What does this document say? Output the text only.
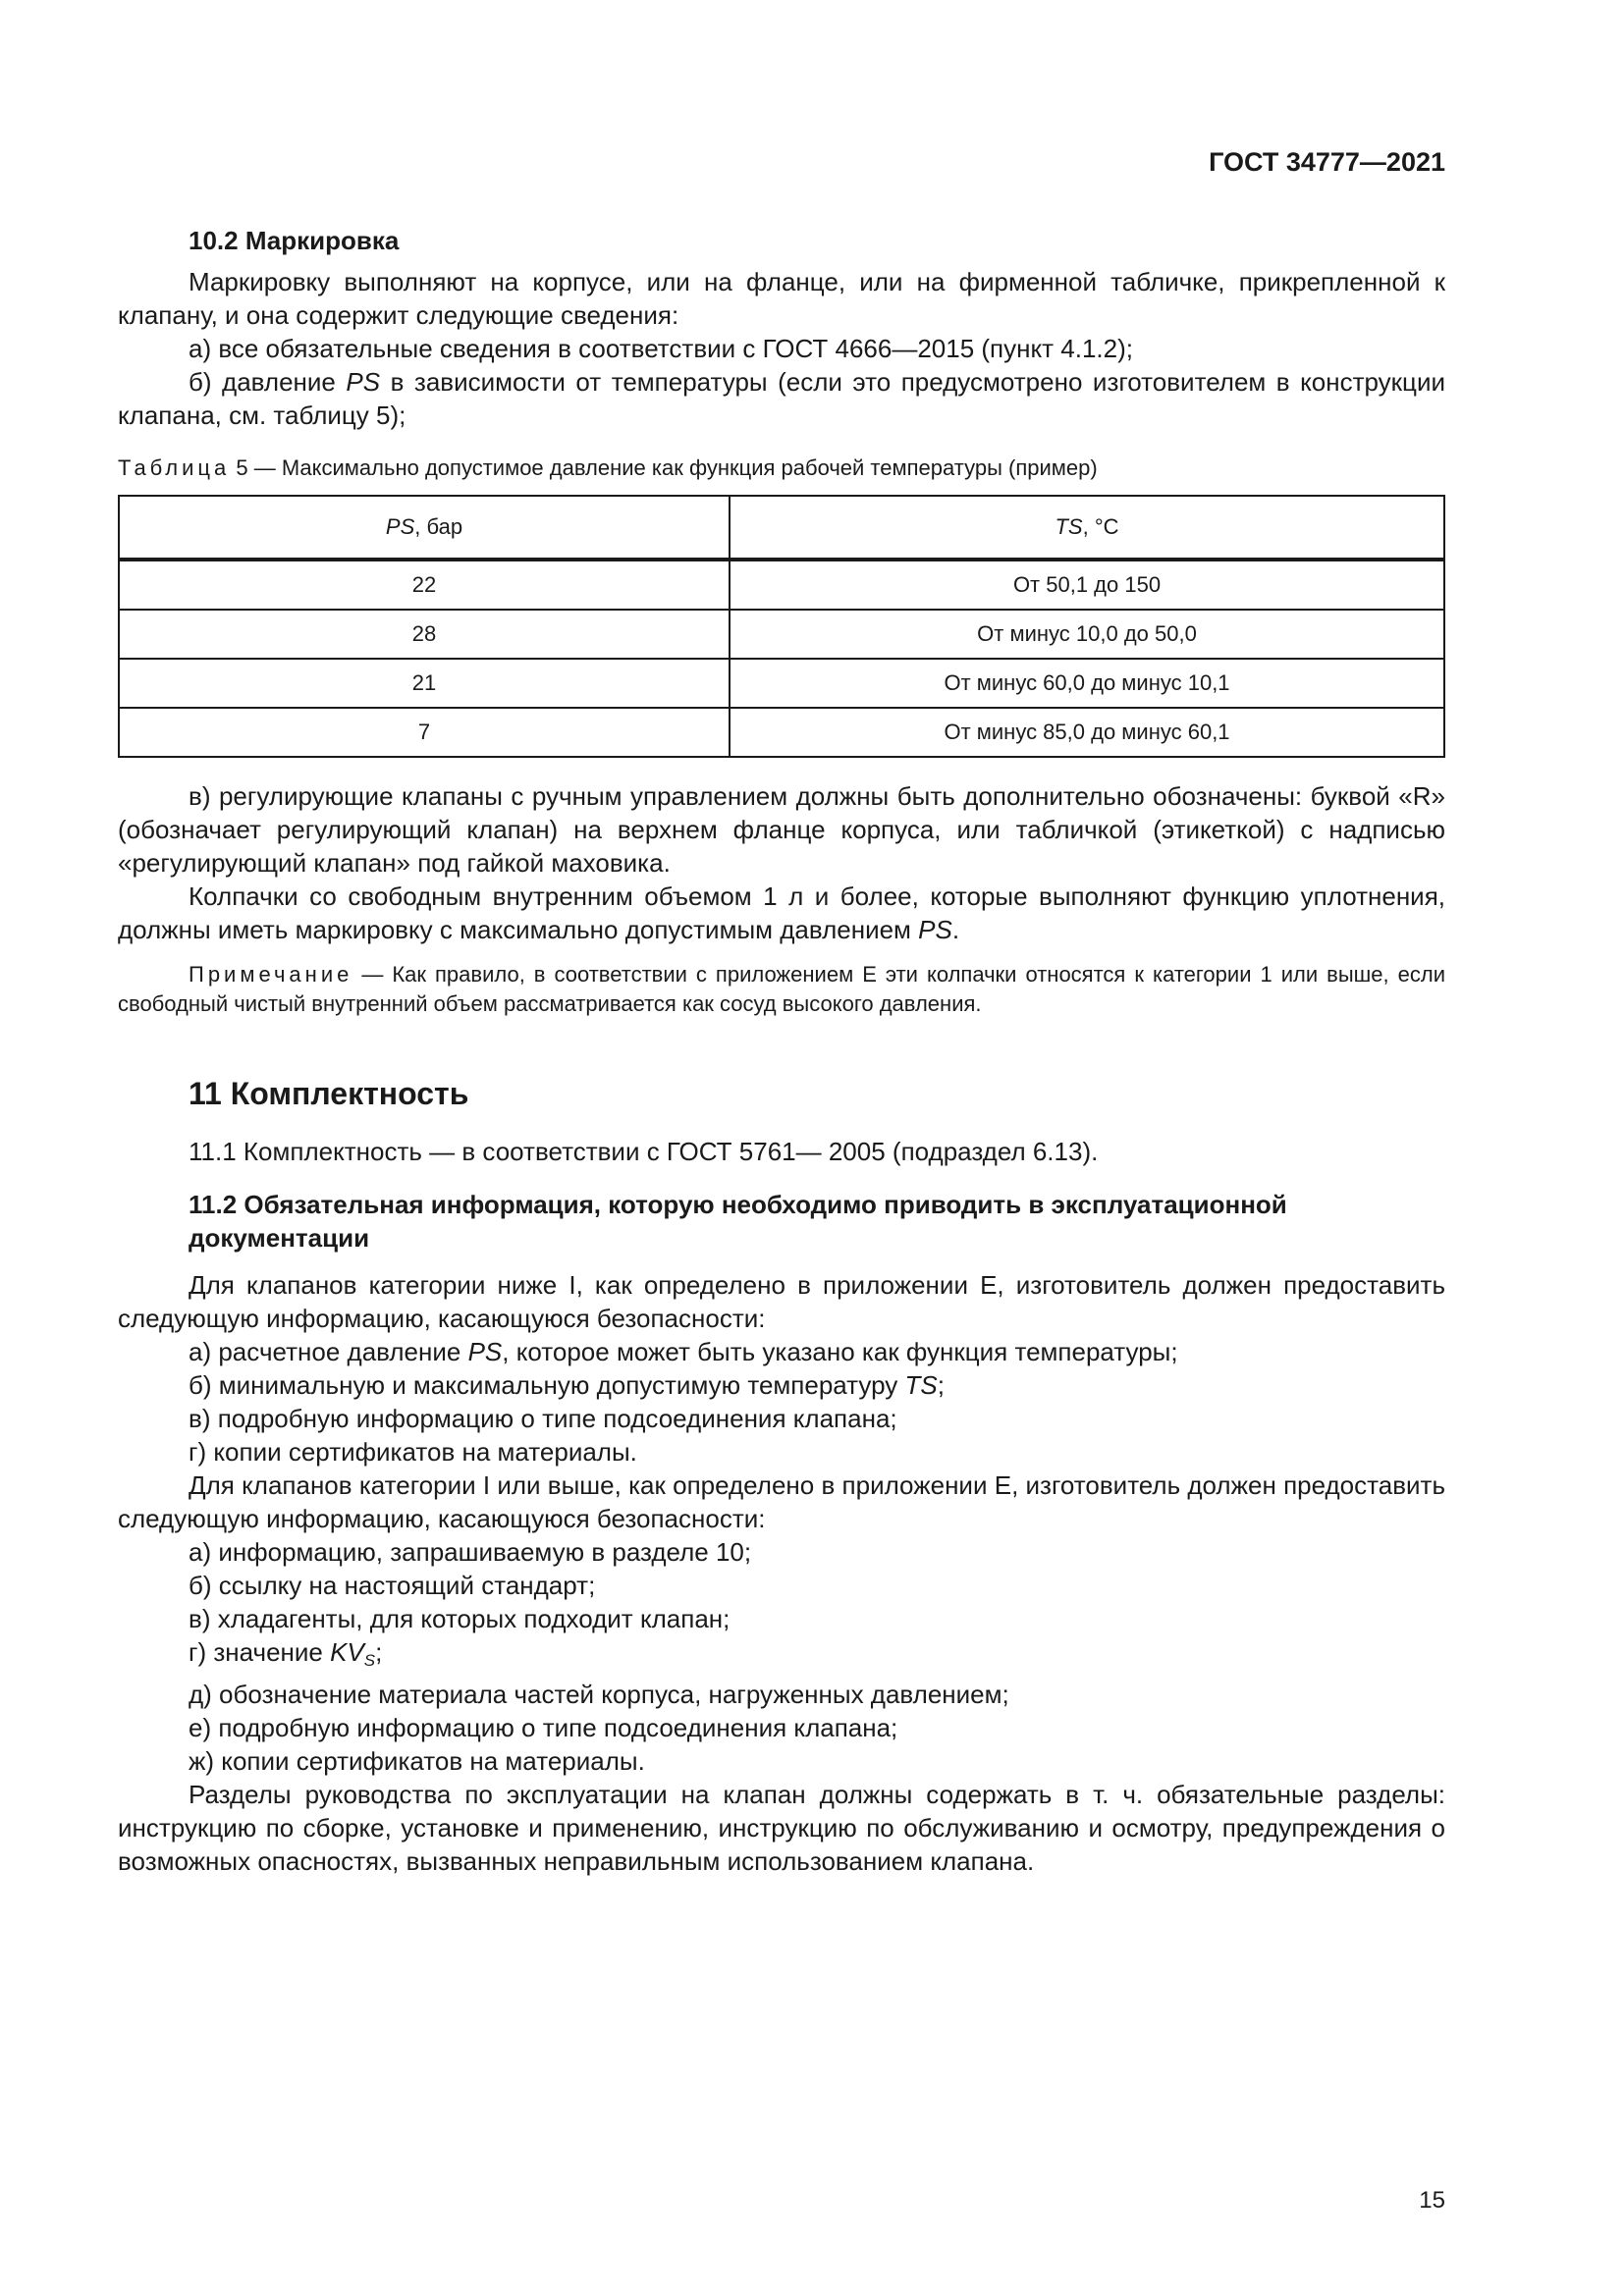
ГОСТ 34777—2021

10.2 Маркировка

Маркировку выполняют на корпусе, или на фланце, или на фирменной табличке, прикрепленной к клапану, и она содержит следующие сведения:

а) все обязательные сведения в соответствии с ГОСТ 4666—2015 (пункт 4.1.2);

б) давление PS в зависимости от температуры (если это предусмотрено изготовителем в конструкции клапана, см. таблицу 5);

Таблица 5 — Максимально допустимое давление как функция рабочей температуры (пример)

PS, бар	TS, °C
22	От 50,1 до 150
28	От минус 10,0 до 50,0
21	От минус 60,0 до минус 10,1
7	От минус 85,0 до минус 60,1

в) регулирующие клапаны с ручным управлением должны быть дополнительно обозначены: буквой «R» (обозначает регулирующий клапан) на верхнем фланце корпуса, или табличкой (этикеткой) с надписью «регулирующий клапан» под гайкой маховика.

Колпачки со свободным внутренним объемом 1 л и более, которые выполняют функцию уплотнения, должны иметь маркировку с максимально допустимым давлением PS.

Примечание — Как правило, в соответствии с приложением Е эти колпачки относятся к категории 1 или выше, если свободный чистый внутренний объем рассматривается как сосуд высокого давления.

11 Комплектность

11.1 Комплектность — в соответствии с ГОСТ 5761— 2005 (подраздел 6.13).

11.2 Обязательная информация, которую необходимо приводить в эксплуатационной документации

Для клапанов категории ниже I, как определено в приложении Е, изготовитель должен предоставить следующую информацию, касающуюся безопасности:

а) расчетное давление PS, которое может быть указано как функция температуры;

б) минимальную и максимальную допустимую температуру TS;

в) подробную информацию о типе подсоединения клапана;

г) копии сертификатов на материалы.

Для клапанов категории I или выше, как определено в приложении Е, изготовитель должен предоставить следующую информацию, касающуюся безопасности:

а) информацию, запрашиваемую в разделе 10;

б) ссылку на настоящий стандарт;

в) хладагенты, для которых подходит клапан;

г) значение $KV_S$;

д) обозначение материала частей корпуса, нагруженных давлением;

е) подробную информацию о типе подсоединения клапана;

ж) копии сертификатов на материалы.

Разделы руководства по эксплуатации на клапан должны содержать в т. ч. обязательные разделы: инструкцию по сборке, установке и применению, инструкцию по обслуживанию и осмотру, предупреждения о возможных опасностях, вызванных неправильным использованием клапана.

15
